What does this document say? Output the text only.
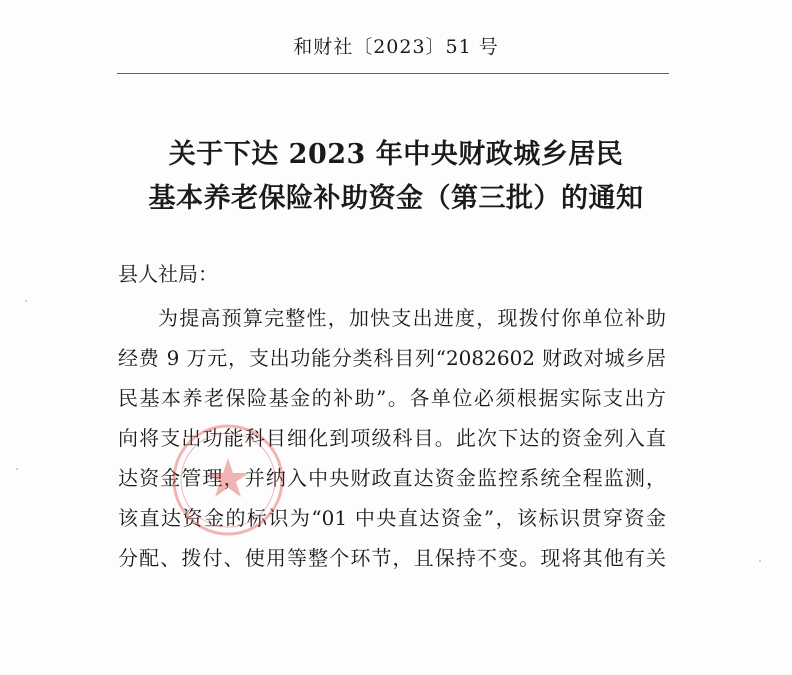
和财社〔2023〕51 号
关于下达 2023 年中央财政城乡居民
基本养老保险补助资金（第三批）的通知
县人社局：
为提高预算完整性，加快支出进度，现拨付你单位补助
经费 9 万元，支出功能分类科目列“2082602 财政对城乡居
民基本养老保险基金的补助”。各单位必须根据实际支出方
向将支出功能科目细化到项级科目。此次下达的资金列入直
达资金管理，并纳入中央财政直达资金监控系统全程监测，
该直达资金的标识为“01 中央直达资金”，该标识贯穿资金
分配、拨付、使用等整个环节，且保持不变。现将其他有关
